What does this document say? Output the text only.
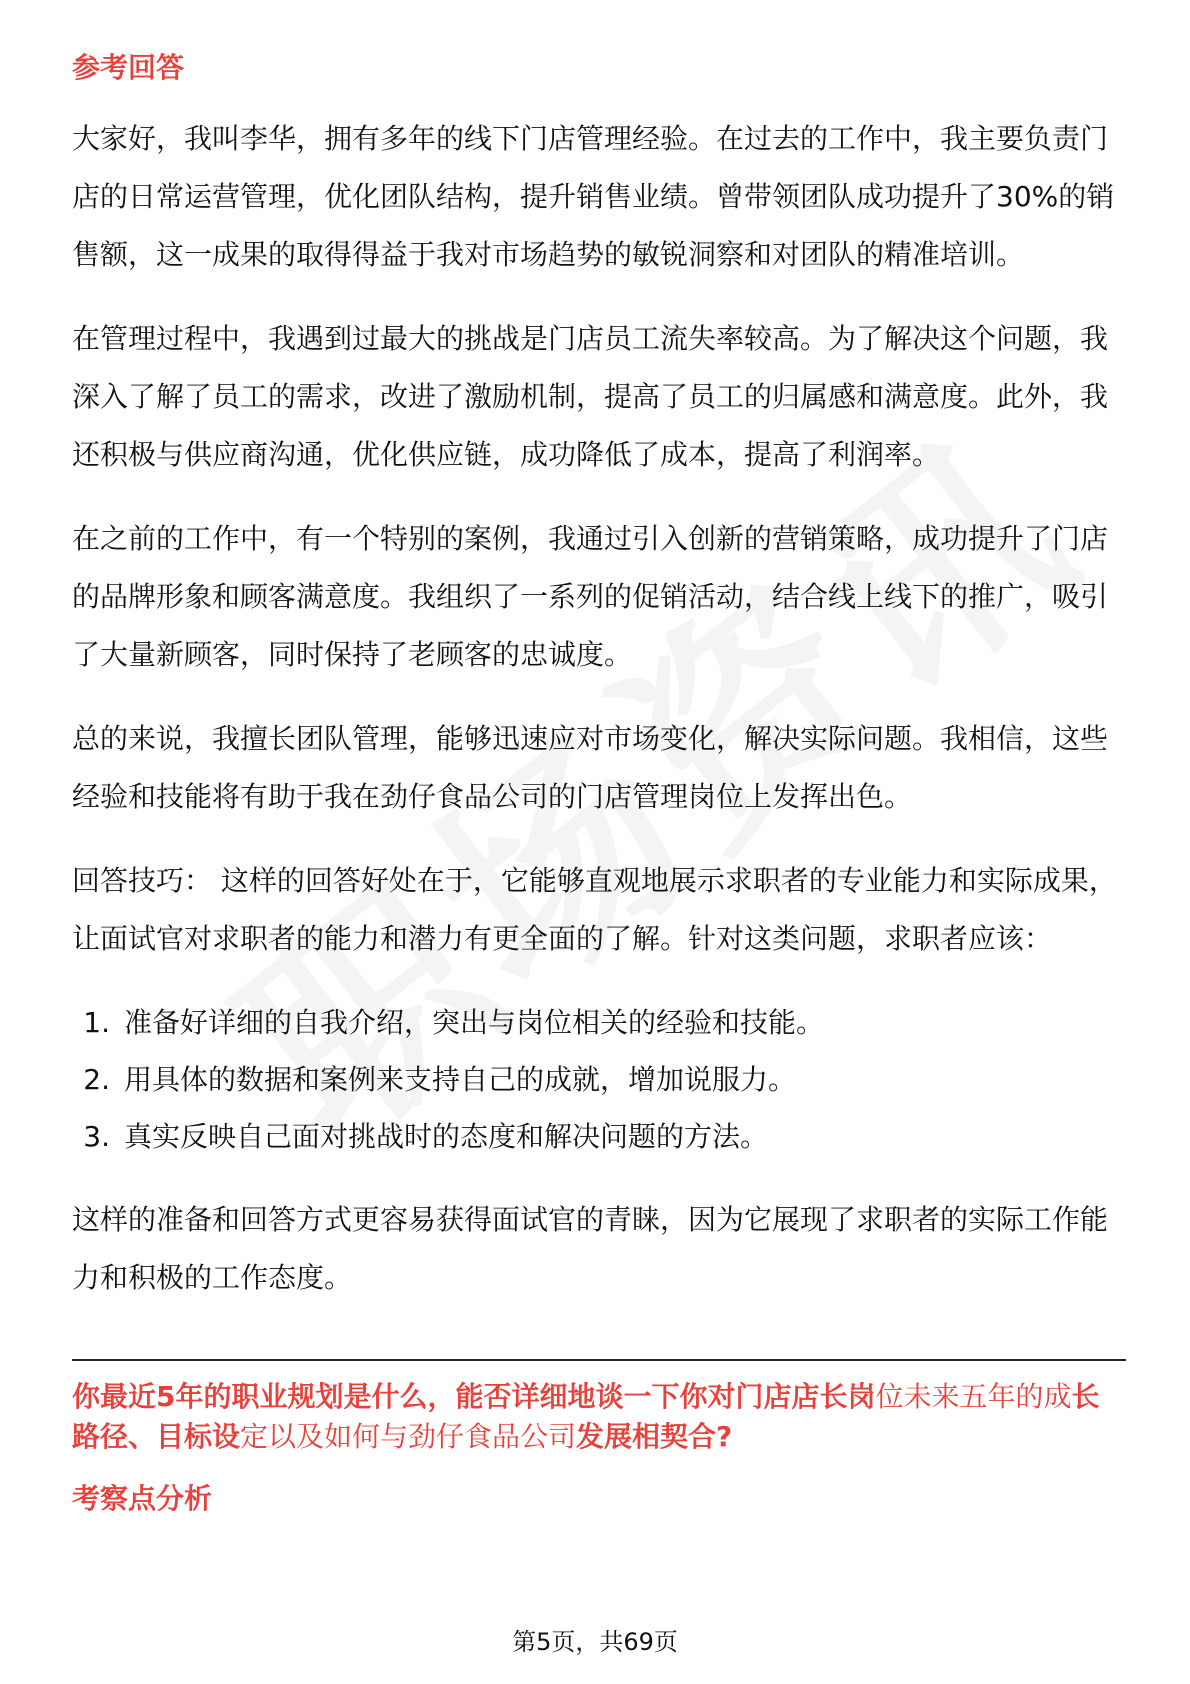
参考回答

大家好，我叫李华，拥有多年的线下门店管理经验。在过去的工作中，我主要负责门店的日常运营管理，优化团队结构，提升销售业绩。曾带领团队成功提升了30%的销售额，这一成果的取得得益于我对市场趋势的敏锐洞察和对团队的精准培训。

在管理过程中，我遇到过最大的挑战是门店员工流失率较高。为了解决这个问题，我深入了解了员工的需求，改进了激励机制，提高了员工的归属感和满意度。此外，我还积极与供应商沟通，优化供应链，成功降低了成本，提高了利润率。

在之前的工作中，有一个特别的案例，我通过引入创新的营销策略，成功提升了门店的品牌形象和顾客满意度。我组织了一系列的促销活动，结合线上线下的推广，吸引了大量新顾客，同时保持了老顾客的忠诚度。

总的来说，我擅长团队管理，能够迅速应对市场变化，解决实际问题。我相信，这些经验和技能将有助于我在劲仔食品公司的门店管理岗位上发挥出色。

回答技巧： 这样的回答好处在于，它能够直观地展示求职者的专业能力和实际成果，让面试官对求职者的能力和潜力有更全面的了解。针对这类问题，求职者应该：

1. 准备好详细的自我介绍，突出与岗位相关的经验和技能。
2. 用具体的数据和案例来支持自己的成就，增加说服力。
3. 真实反映自己面对挑战时的态度和解决问题的方法。

这样的准备和回答方式更容易获得面试官的青睐，因为它展现了求职者的实际工作能力和积极的工作态度。

你最近5年的职业规划是什么，能否详细地谈一下你对门店店长岗位未来五年的成长路径、目标设定以及如何与劲仔食品公司发展相契合?

考察点分析
第5页，共69页
